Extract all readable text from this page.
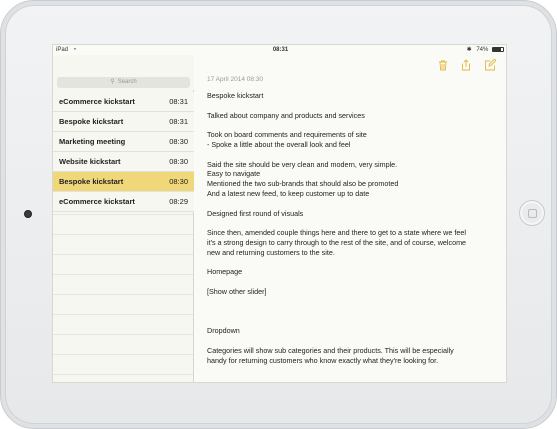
iPad ◔	08:31	✱ 74%
⚲ Search
eCommerce kickstart	08:31
Bespoke kickstart	08:31
Marketing meeting	08:30
Website kickstart	08:30
Bespoke kickstart	08:30
eCommerce kickstart	08:29
17 April 2014 08:30

Bespoke kickstart

Talked about company and products and services

Took on board comments and requirements of site

- Spoke a little about the overall look and feel

Said the site should be very clean and modern, very simple.

Easy to navigate

Mentioned the two sub-brands that should also be promoted

And a latest new feed, to keep customer up to date

Designed first round of visuals

Since then, amended couple things here and there to get to a state where we feel

it's a strong design to carry through to the rest of the site, and of course, welcome

new and returning customers to the site.

Homepage

[Show other slider]

Dropdown

Categories will show sub categories and their products. This will be especially

handy for returning customers who know exactly what they're looking for.
